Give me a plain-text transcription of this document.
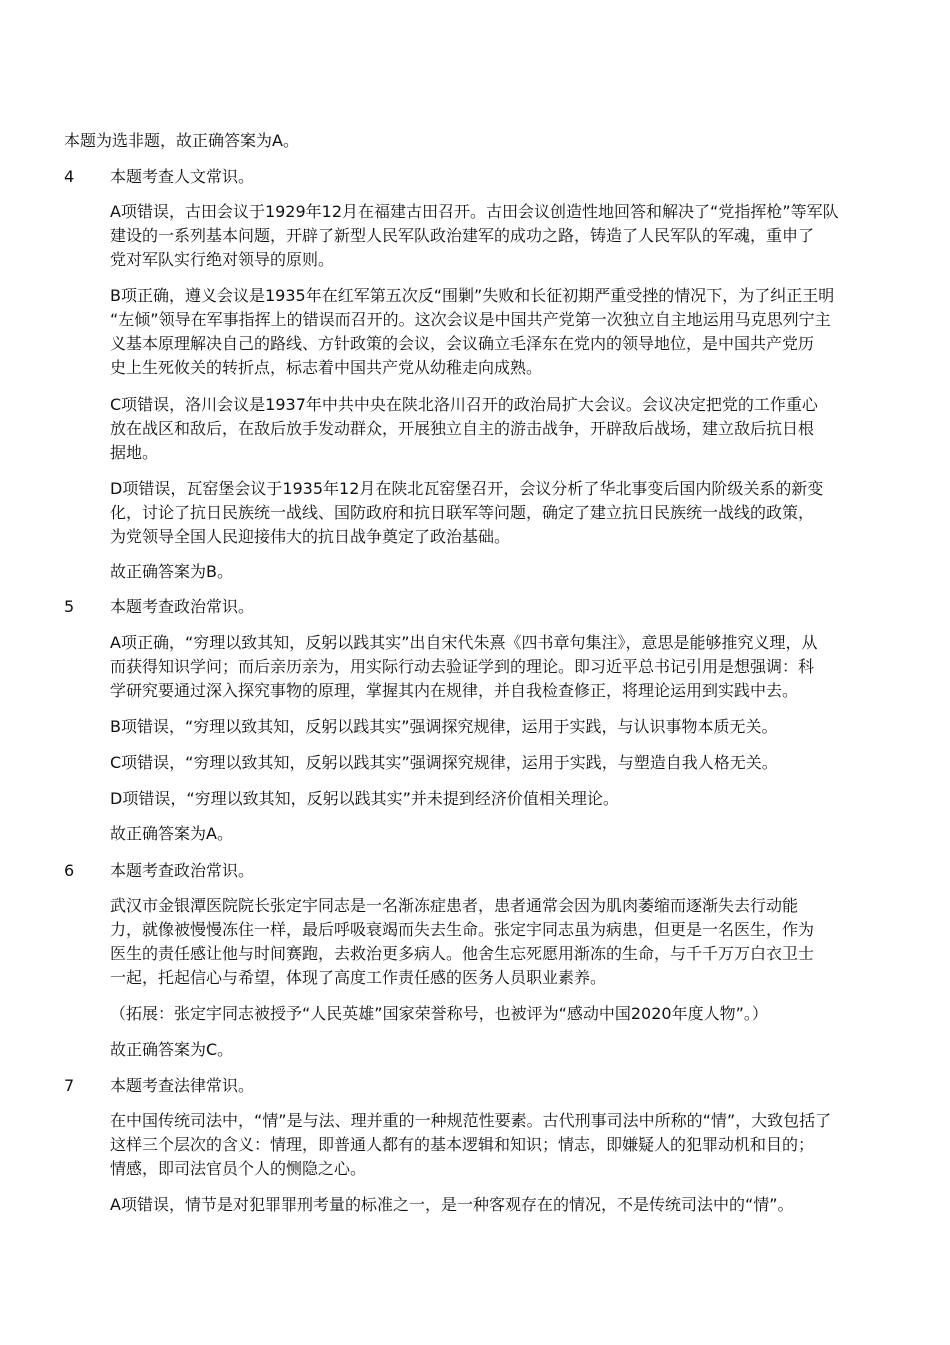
本题为选非题，故正确答案为A。

4 本题考查人文常识。

A项错误，古田会议于1929年12月在福建古田召开。古田会议创造性地回答和解决了“党指挥枪”等军队
建设的一系列基本问题，开辟了新型人民军队政治建军的成功之路，铸造了人民军队的军魂，重申了
党对军队实行绝对领导的原则。
B项正确，遵义会议是1935年在红军第五次反“围剿”失败和长征初期严重受挫的情况下，为了纠正王明
“左倾”领导在军事指挥上的错误而召开的。这次会议是中国共产党第一次独立自主地运用马克思列宁主
义基本原理解决自己的路线、方针政策的会议，会议确立毛泽东在党内的领导地位，是中国共产党历
史上生死攸关的转折点，标志着中国共产党从幼稚走向成熟。
C项错误，洛川会议是1937年中共中央在陕北洛川召开的政治局扩大会议。会议决定把党的工作重心
放在战区和敌后，在敌后放手发动群众，开展独立自主的游击战争，开辟敌后战场，建立敌后抗日根
据地。
D项错误，瓦窑堡会议于1935年12月在陕北瓦窑堡召开，会议分析了华北事变后国内阶级关系的新变
化，讨论了抗日民族统一战线、国防政府和抗日联军等问题，确定了建立抗日民族统一战线的政策，
为党领导全国人民迎接伟大的抗日战争奠定了政治基础。

故正确答案为B。

5 本题考查政治常识。

A项正确，“穷理以致其知，反躬以践其实”出自宋代朱熹《四书章句集注》，意思是能够推究义理，从
而获得知识学问；而后亲历亲为，用实际行动去验证学到的理论。即习近平总书记引用是想强调：科
学研究要通过深入探究事物的原理，掌握其内在规律，并自我检查修正，将理论运用到实践中去。

B项错误，“穷理以致其知，反躬以践其实”强调探究规律，运用于实践，与认识事物本质无关。

C项错误，“穷理以致其知，反躬以践其实”强调探究规律，运用于实践，与塑造自我人格无关。

D项错误，“穷理以致其知，反躬以践其实”并未提到经济价值相关理论。

故正确答案为A。

6 本题考查政治常识。

武汉市金银潭医院院长张定宇同志是一名渐冻症患者，患者通常会因为肌肉萎缩而逐渐失去行动能
力，就像被慢慢冻住一样，最后呼吸衰竭而失去生命。张定宇同志虽为病患，但更是一名医生，作为
医生的责任感让他与时间赛跑，去救治更多病人。他舍生忘死愿用渐冻的生命，与千千万万白衣卫士
一起，托起信心与希望，体现了高度工作责任感的医务人员职业素养。

（拓展：张定宇同志被授予“人民英雄”国家荣誉称号，也被评为“感动中国2020年度人物”。）

故正确答案为C。

7 本题考查法律常识。

在中国传统司法中，“情”是与法、理并重的一种规范性要素。古代刑事司法中所称的“情”，大致包括了
这样三个层次的含义：情理，即普通人都有的基本逻辑和知识；情志，即嫌疑人的犯罪动机和目的；
情感，即司法官员个人的恻隐之心。

A项错误，情节是对犯罪罪刑考量的标准之一，是一种客观存在的情况，不是传统司法中的“情”。
